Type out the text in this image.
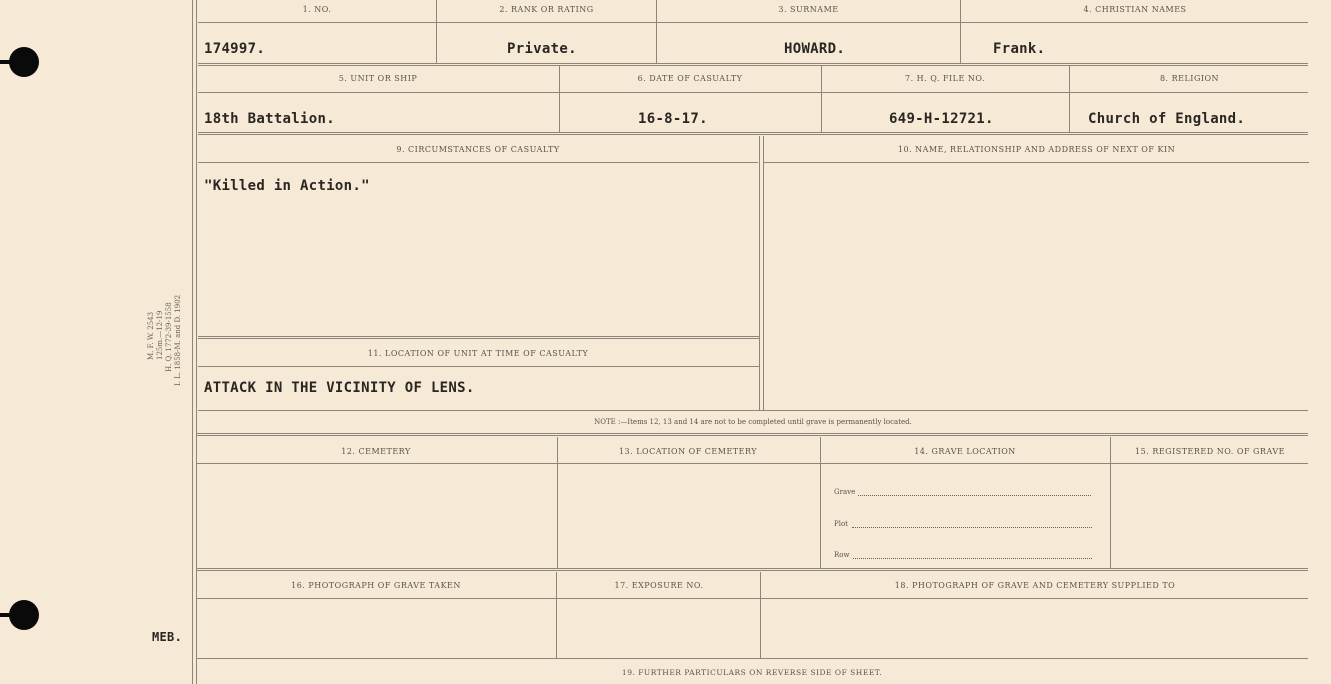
M. F. W. 2543 125m.—12-19 H. Q. 1772-39-1558 I. L. 1858-M. and D. 1902
MEB.
1. NO.	2. RANK OR RATING	3. SURNAME	4. CHRISTIAN NAMES
174997.	Private.	HOWARD.	Frank.
5. UNIT OR SHIP	6. DATE OF CASUALTY	7. H. Q. FILE NO.	8. RELIGION
18th Battalion.	16-8-17.	649-H-12721.	Church of England.
9. CIRCUMSTANCES OF CASUALTY	10. NAME, RELATIONSHIP AND ADDRESS OF NEXT OF KIN
"Killed in Action."
11. LOCATION OF UNIT AT TIME OF CASUALTY
ATTACK IN THE VICINITY OF LENS.
NOTE :—Items 12, 13 and 14 are not to be completed until grave is permanently located.
12. CEMETERY	13. LOCATION OF CEMETERY	14. GRAVE LOCATION	15. REGISTERED NO. OF GRAVE
Grave
Plot
Row
16. PHOTOGRAPH OF GRAVE TAKEN	17. EXPOSURE NO.	18. PHOTOGRAPH OF GRAVE AND CEMETERY SUPPLIED TO
19. FURTHER PARTICULARS ON REVERSE SIDE OF SHEET.
